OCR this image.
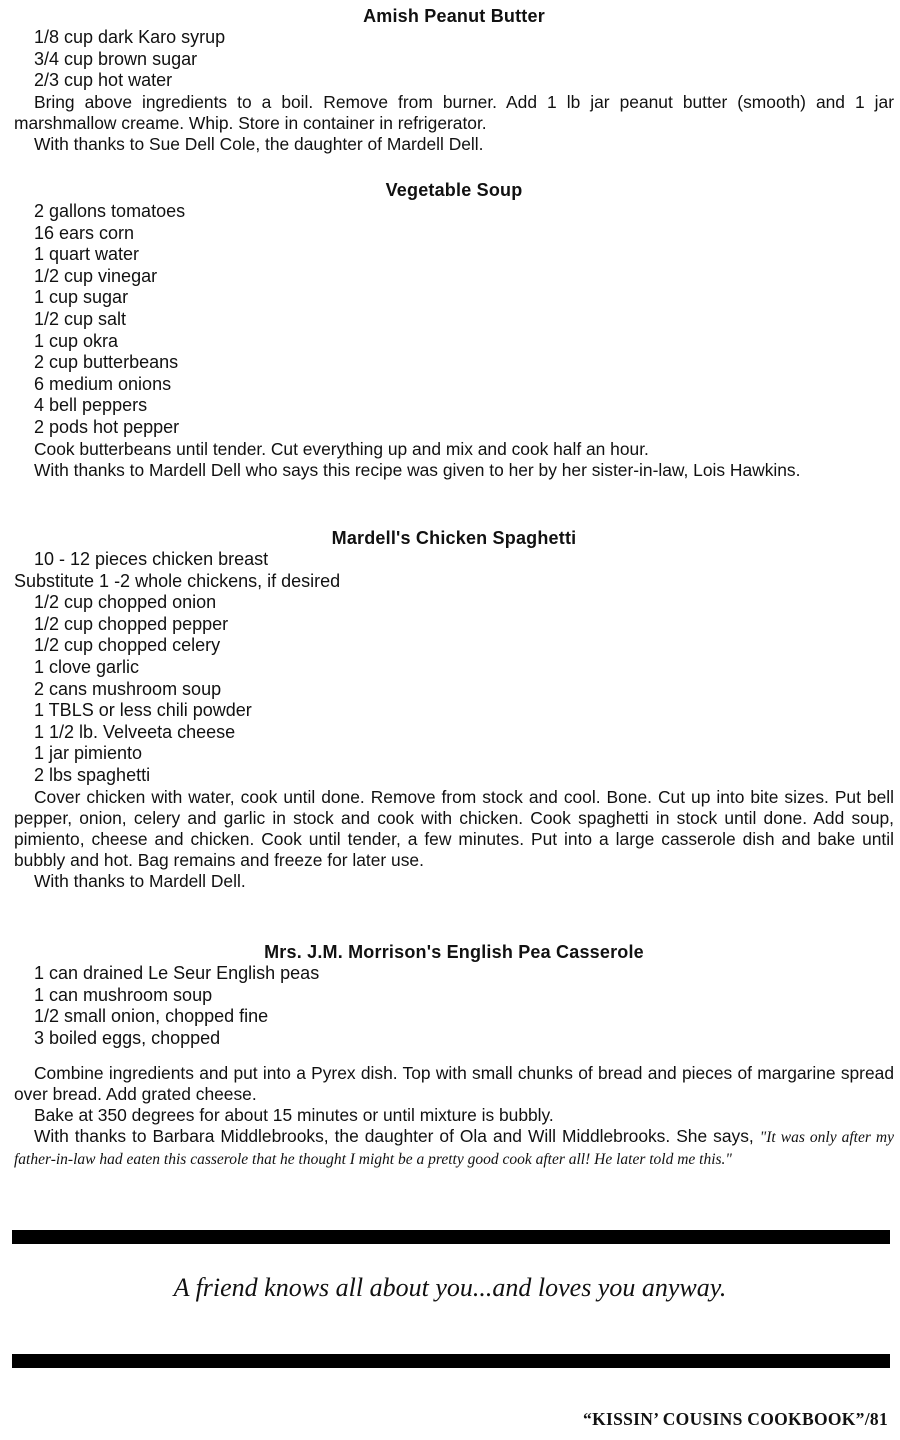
Amish Peanut Butter

1/8 cup dark Karo syrup

3/4 cup brown sugar

2/3 cup hot water

Bring above ingredients to a boil. Remove from burner. Add 1 lb jar peanut butter (smooth) and 1 jar marshmallow creame. Whip. Store in container in refrigerator.

With thanks to Sue Dell Cole, the daughter of Mardell Dell.

Vegetable Soup

2 gallons tomatoes

16 ears corn

1 quart water

1/2 cup vinegar

1 cup sugar

1/2 cup salt

1 cup okra

2 cup butterbeans

6 medium onions

4 bell peppers

2 pods hot pepper

Cook butterbeans until tender. Cut everything up and mix and cook half an hour.

With thanks to Mardell Dell who says this recipe was given to her by her sister-in-law, Lois Hawkins.

Mardell's Chicken Spaghetti

10 - 12 pieces chicken breast

Substitute 1 -2 whole chickens, if desired

1/2 cup chopped onion

1/2 cup chopped pepper

1/2 cup chopped celery

1 clove garlic

2 cans mushroom soup

1 TBLS or less chili powder

1 1/2 lb. Velveeta cheese

1 jar pimiento

2 lbs spaghetti

Cover chicken with water, cook until done. Remove from stock and cool. Bone. Cut up into bite sizes. Put bell pepper, onion, celery and garlic in stock and cook with chicken. Cook spaghetti in stock until done. Add soup, pimiento, cheese and chicken. Cook until tender, a few minutes. Put into a large casserole dish and bake until bubbly and hot. Bag remains and freeze for later use.

With thanks to Mardell Dell.

Mrs. J.M. Morrison's English Pea Casserole

1 can drained Le Seur English peas

1 can mushroom soup

1/2 small onion, chopped fine

3 boiled eggs, chopped

Combine ingredients and put into a Pyrex dish. Top with small chunks of bread and pieces of margarine spread over bread. Add grated cheese.

Bake at 350 degrees for about 15 minutes or until mixture is bubbly.

With thanks to Barbara Middlebrooks, the daughter of Ola and Will Middlebrooks. She says, "It was only after my father-in-law had eaten this casserole that he thought I might be a pretty good cook after all! He later told me this."

A friend knows all about you...and loves you anyway.
“KISSIN’ COUSINS COOKBOOK”/81
